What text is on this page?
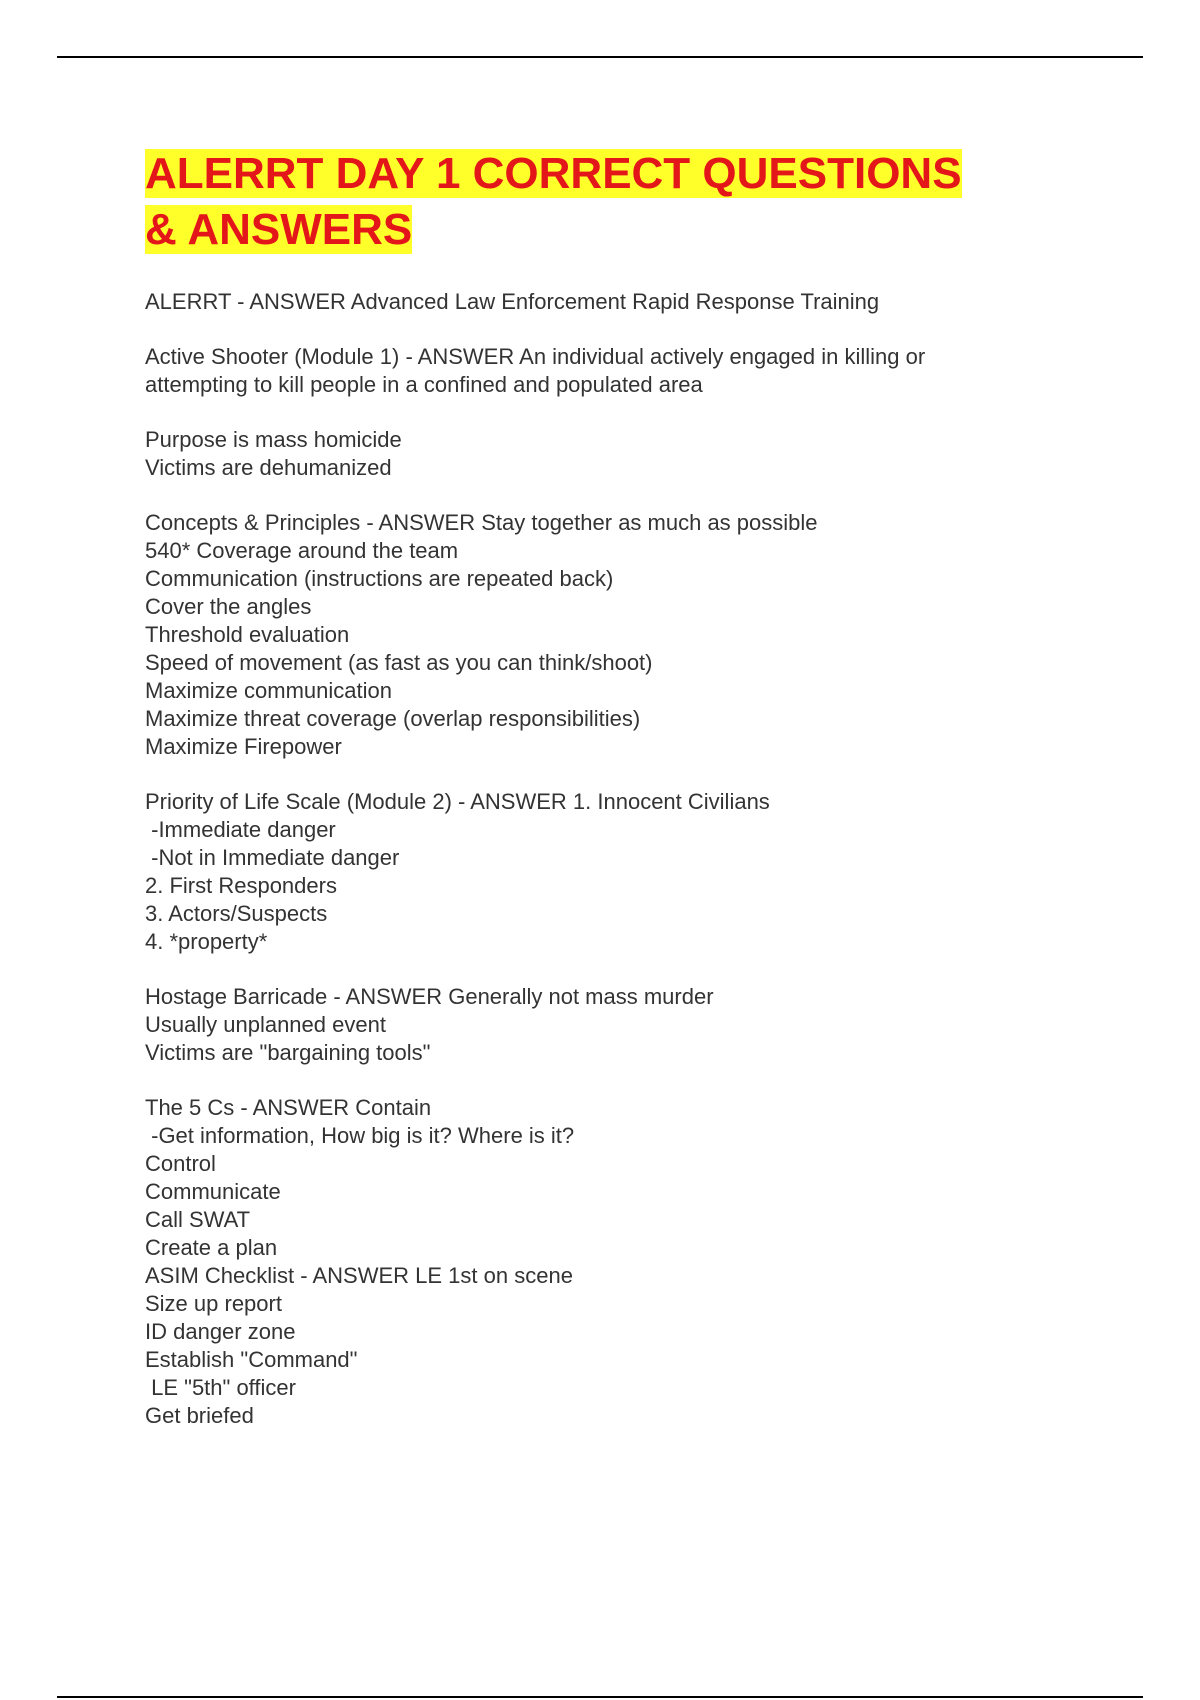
ALERRT DAY 1 CORRECT QUESTIONS
& ANSWERS
ALERRT - ANSWER Advanced Law Enforcement Rapid Response Training
Active Shooter (Module 1) - ANSWER An individual actively engaged in killing or
attempting to kill people in a confined and populated area
Purpose is mass homicide
Victims are dehumanized
Concepts & Principles - ANSWER Stay together as much as possible
540* Coverage around the team
Communication (instructions are repeated back)
Cover the angles
Threshold evaluation
Speed of movement (as fast as you can think/shoot)
Maximize communication
Maximize threat coverage (overlap responsibilities)
Maximize Firepower
Priority of Life Scale (Module 2) - ANSWER 1. Innocent Civilians
-Immediate danger
-Not in Immediate danger
2. First Responders
3. Actors/Suspects
4. *property*
Hostage Barricade - ANSWER Generally not mass murder
Usually unplanned event
Victims are "bargaining tools"
The 5 Cs - ANSWER Contain
-Get information, How big is it? Where is it?
Control
Communicate
Call SWAT
Create a plan
ASIM Checklist - ANSWER LE 1st on scene
Size up report
ID danger zone
Establish "Command"
LE "5th" officer
Get briefed
